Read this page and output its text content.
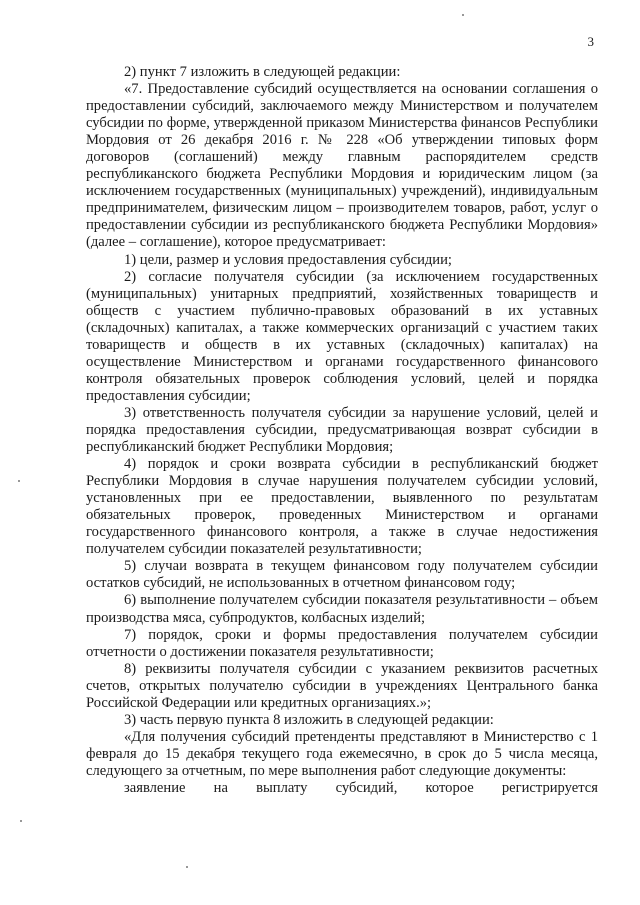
3

2) пункт 7 изложить в следующей редакции:

«7. Предоставление субсидий осуществляется на основании соглашения о предоставлении субсидий, заключаемого между Министерством и получателем субсидии по форме, утвержденной приказом Министерства финансов Республики Мордовия от 26 декабря 2016 г. № 228 «Об утверждении типовых форм договоров (соглашений) между главным распорядителем средств республиканского бюджета Республики Мордовия и юридическим лицом (за исключением государственных (муниципальных) учреждений), индивидуальным предпринимателем, физическим лицом – производителем товаров, работ, услуг о предоставлении субсидии из республиканского бюджета Республики Мордовия» (далее – соглашение), которое предусматривает:

1) цели, размер и условия предоставления субсидии;

2) согласие получателя субсидии (за исключением государственных (муниципальных) унитарных предприятий, хозяйственных товариществ и обществ с участием публично-правовых образований в их уставных (складочных) капиталах, а также коммерческих организаций с участием таких товариществ и обществ в их уставных (складочных) капиталах) на осуществление Министерством и органами государственного финансового контроля обязательных проверок соблюдения условий, целей и порядка предоставления субсидии;

3) ответственность получателя субсидии за нарушение условий, целей и порядка предоставления субсидии, предусматривающая возврат субсидии в республиканский бюджет Республики Мордовия;

4) порядок и сроки возврата субсидии в республиканский бюджет Республики Мордовия в случае нарушения получателем субсидии условий, установленных при ее предоставлении, выявленного по результатам обязательных проверок, проведенных Министерством и органами государственного финансового контроля, а также в случае недостижения получателем субсидии показателей результативности;

5) случаи возврата в текущем финансовом году получателем субсидии остатков субсидий, не использованных в отчетном финансовом году;

6) выполнение получателем субсидии показателя результативности – объем производства мяса, субпродуктов, колбасных изделий;

7) порядок, сроки и формы предоставления получателем субсидии отчетности о достижении показателя результативности;

8) реквизиты получателя субсидии с указанием реквизитов расчетных счетов, открытых получателю субсидии в учреждениях Центрального банка Российской Федерации или кредитных организациях.»;

3) часть первую пункта 8 изложить в следующей редакции:

«Для получения субсидий претенденты представляют в Министерство с 1 февраля до 15 декабря текущего года ежемесячно, в срок до 5 числа месяца, следующего за отчетным, по мере выполнения работ следующие документы:

заявление на выплату субсидий, которое регистрируется
